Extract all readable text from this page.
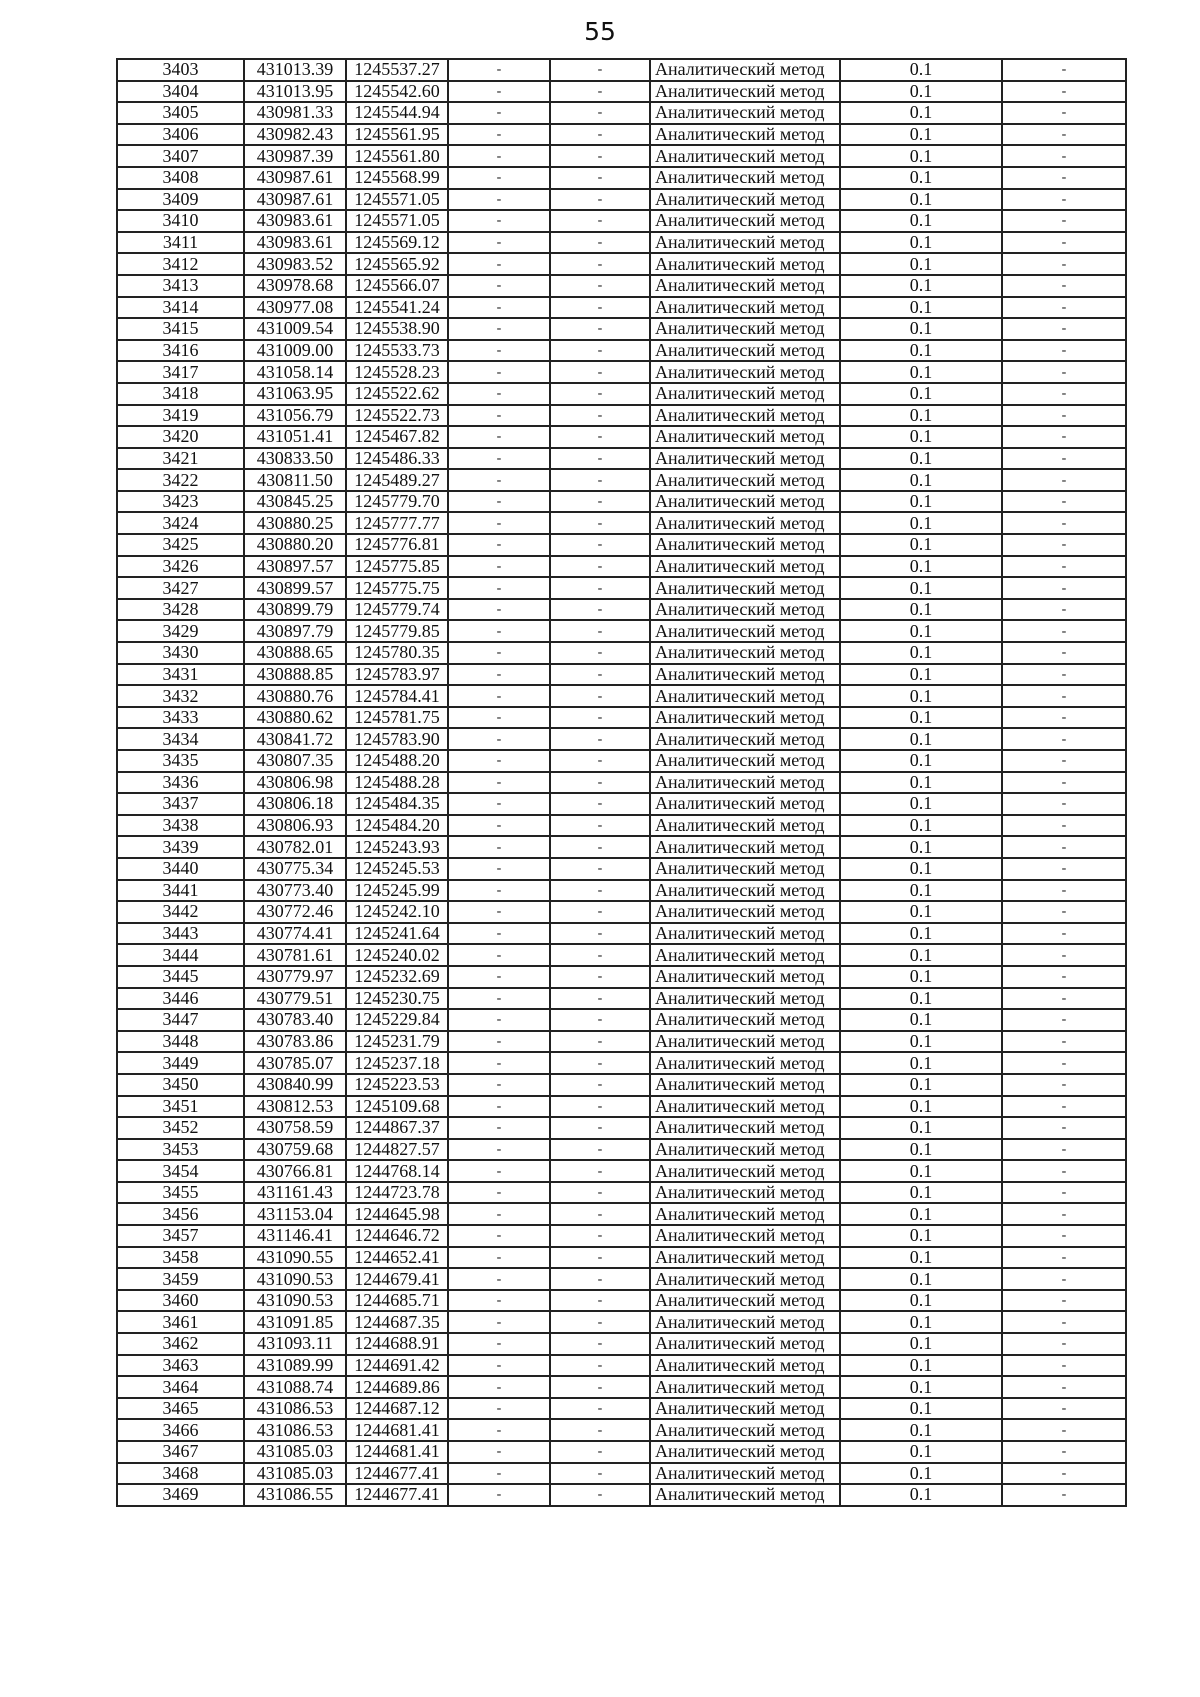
55
3403	431013.39	1245537.27	-	-	Аналитический метод	0.1	-
3404	431013.95	1245542.60	-	-	Аналитический метод	0.1	-
3405	430981.33	1245544.94	-	-	Аналитический метод	0.1	-
3406	430982.43	1245561.95	-	-	Аналитический метод	0.1	-
3407	430987.39	1245561.80	-	-	Аналитический метод	0.1	-
3408	430987.61	1245568.99	-	-	Аналитический метод	0.1	-
3409	430987.61	1245571.05	-	-	Аналитический метод	0.1	-
3410	430983.61	1245571.05	-	-	Аналитический метод	0.1	-
3411	430983.61	1245569.12	-	-	Аналитический метод	0.1	-
3412	430983.52	1245565.92	-	-	Аналитический метод	0.1	-
3413	430978.68	1245566.07	-	-	Аналитический метод	0.1	-
3414	430977.08	1245541.24	-	-	Аналитический метод	0.1	-
3415	431009.54	1245538.90	-	-	Аналитический метод	0.1	-
3416	431009.00	1245533.73	-	-	Аналитический метод	0.1	-
3417	431058.14	1245528.23	-	-	Аналитический метод	0.1	-
3418	431063.95	1245522.62	-	-	Аналитический метод	0.1	-
3419	431056.79	1245522.73	-	-	Аналитический метод	0.1	-
3420	431051.41	1245467.82	-	-	Аналитический метод	0.1	-
3421	430833.50	1245486.33	-	-	Аналитический метод	0.1	-
3422	430811.50	1245489.27	-	-	Аналитический метод	0.1	-
3423	430845.25	1245779.70	-	-	Аналитический метод	0.1	-
3424	430880.25	1245777.77	-	-	Аналитический метод	0.1	-
3425	430880.20	1245776.81	-	-	Аналитический метод	0.1	-
3426	430897.57	1245775.85	-	-	Аналитический метод	0.1	-
3427	430899.57	1245775.75	-	-	Аналитический метод	0.1	-
3428	430899.79	1245779.74	-	-	Аналитический метод	0.1	-
3429	430897.79	1245779.85	-	-	Аналитический метод	0.1	-
3430	430888.65	1245780.35	-	-	Аналитический метод	0.1	-
3431	430888.85	1245783.97	-	-	Аналитический метод	0.1	-
3432	430880.76	1245784.41	-	-	Аналитический метод	0.1	-
3433	430880.62	1245781.75	-	-	Аналитический метод	0.1	-
3434	430841.72	1245783.90	-	-	Аналитический метод	0.1	-
3435	430807.35	1245488.20	-	-	Аналитический метод	0.1	-
3436	430806.98	1245488.28	-	-	Аналитический метод	0.1	-
3437	430806.18	1245484.35	-	-	Аналитический метод	0.1	-
3438	430806.93	1245484.20	-	-	Аналитический метод	0.1	-
3439	430782.01	1245243.93	-	-	Аналитический метод	0.1	-
3440	430775.34	1245245.53	-	-	Аналитический метод	0.1	-
3441	430773.40	1245245.99	-	-	Аналитический метод	0.1	-
3442	430772.46	1245242.10	-	-	Аналитический метод	0.1	-
3443	430774.41	1245241.64	-	-	Аналитический метод	0.1	-
3444	430781.61	1245240.02	-	-	Аналитический метод	0.1	-
3445	430779.97	1245232.69	-	-	Аналитический метод	0.1	-
3446	430779.51	1245230.75	-	-	Аналитический метод	0.1	-
3447	430783.40	1245229.84	-	-	Аналитический метод	0.1	-
3448	430783.86	1245231.79	-	-	Аналитический метод	0.1	-
3449	430785.07	1245237.18	-	-	Аналитический метод	0.1	-
3450	430840.99	1245223.53	-	-	Аналитический метод	0.1	-
3451	430812.53	1245109.68	-	-	Аналитический метод	0.1	-
3452	430758.59	1244867.37	-	-	Аналитический метод	0.1	-
3453	430759.68	1244827.57	-	-	Аналитический метод	0.1	-
3454	430766.81	1244768.14	-	-	Аналитический метод	0.1	-
3455	431161.43	1244723.78	-	-	Аналитический метод	0.1	-
3456	431153.04	1244645.98	-	-	Аналитический метод	0.1	-
3457	431146.41	1244646.72	-	-	Аналитический метод	0.1	-
3458	431090.55	1244652.41	-	-	Аналитический метод	0.1	-
3459	431090.53	1244679.41	-	-	Аналитический метод	0.1	-
3460	431090.53	1244685.71	-	-	Аналитический метод	0.1	-
3461	431091.85	1244687.35	-	-	Аналитический метод	0.1	-
3462	431093.11	1244688.91	-	-	Аналитический метод	0.1	-
3463	431089.99	1244691.42	-	-	Аналитический метод	0.1	-
3464	431088.74	1244689.86	-	-	Аналитический метод	0.1	-
3465	431086.53	1244687.12	-	-	Аналитический метод	0.1	-
3466	431086.53	1244681.41	-	-	Аналитический метод	0.1	-
3467	431085.03	1244681.41	-	-	Аналитический метод	0.1	-
3468	431085.03	1244677.41	-	-	Аналитический метод	0.1	-
3469	431086.55	1244677.41	-	-	Аналитический метод	0.1	-
